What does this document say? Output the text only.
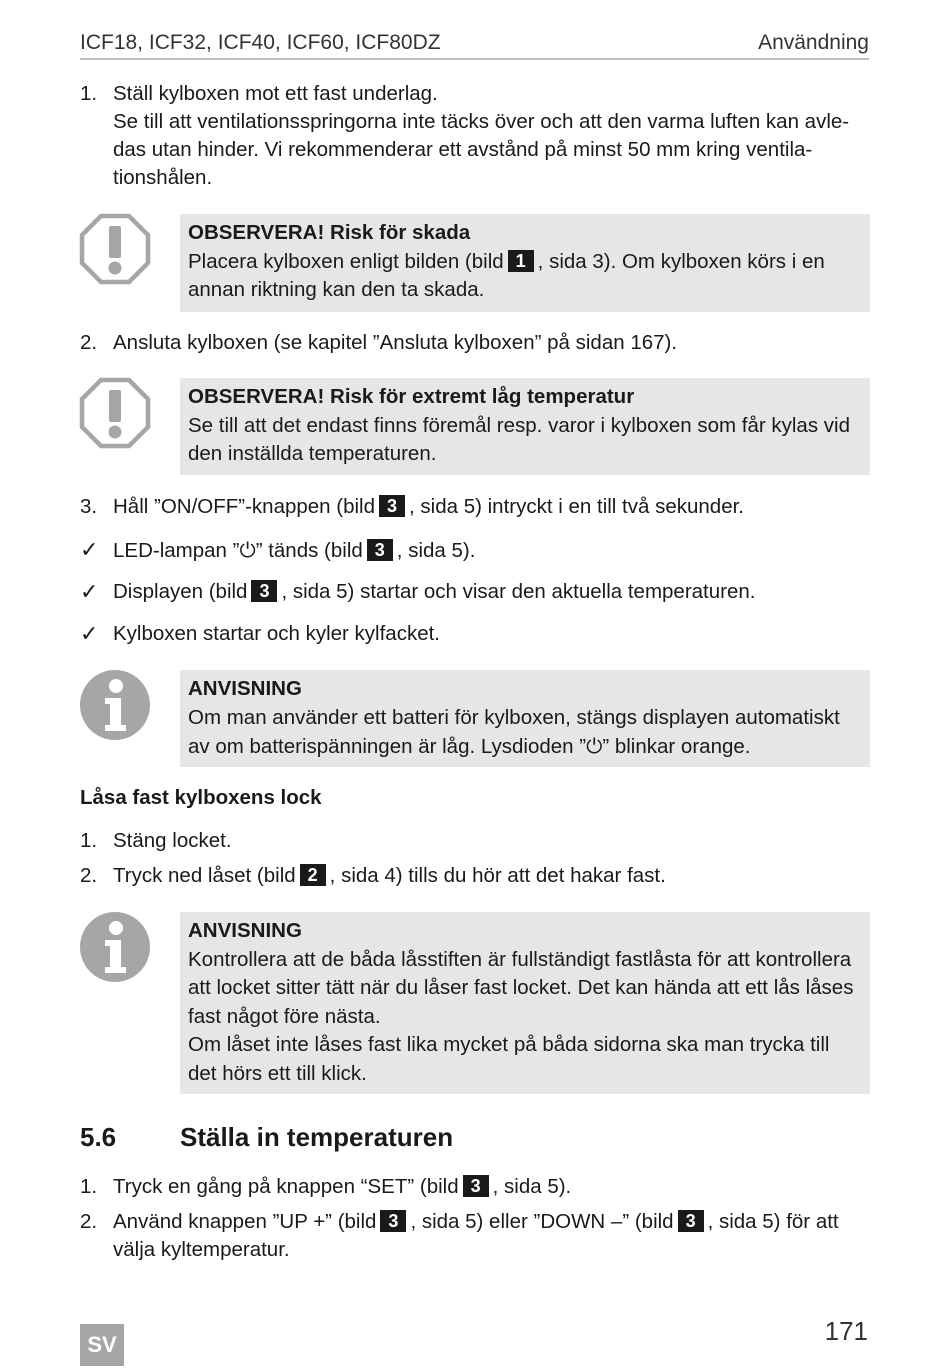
ICF18, ICF32, ICF40, ICF60, ICF80DZ	Användning
1. Ställ kylboxen mot ett fast underlag.
Se till att ventilationsspringorna inte täcks över och att den varma luften kan avle-das utan hinder. Vi rekommenderar ett avstånd på minst 50 mm kring ventila-tionshålen.
OBSERVERA! Risk för skada
Placera kylboxen enligt bilden (bild 1 , sida 3). Om kylboxen körs i en annan riktning kan den ta skada.
2. Ansluta kylboxen (se kapitel ”Ansluta kylboxen” på sidan 167).
OBSERVERA! Risk för extremt låg temperatur
Se till att det endast finns föremål resp. varor i kylboxen som får kylas vid den inställda temperaturen.
3. Håll ”ON/OFF”-knappen (bild 3 , sida 5) intryckt i en till två sekunder.
✓ LED-lampan ”⏻” tänds (bild 3 , sida 5).
✓ Displayen (bild 3 , sida 5) startar och visar den aktuella temperaturen.
✓ Kylboxen startar och kyler kylfacket.
ANVISNING
Om man använder ett batteri för kylboxen, stängs displayen automatiskt av om batterispänningen är låg. Lysdioden ”⏻” blinkar orange.
Låsa fast kylboxens lock
1. Stäng locket.
2. Tryck ned låset (bild 2 , sida 4) tills du hör att det hakar fast.
ANVISNING
Kontrollera att de båda låsstiften är fullständigt fastlåsta för att kontrollera att locket sitter tätt när du låser fast locket. Det kan hända att ett lås låses fast något före nästa.
Om låset inte låses fast lika mycket på båda sidorna ska man trycka till det hörs ett till klick.
5.6 Ställa in temperaturen
1. Tryck en gång på knappen “SET” (bild 3 , sida 5).
2. Använd knappen ”UP +” (bild 3 , sida 5) eller ”DOWN –” (bild 3 , sida 5) för att välja kyltemperatur.
SV	171
